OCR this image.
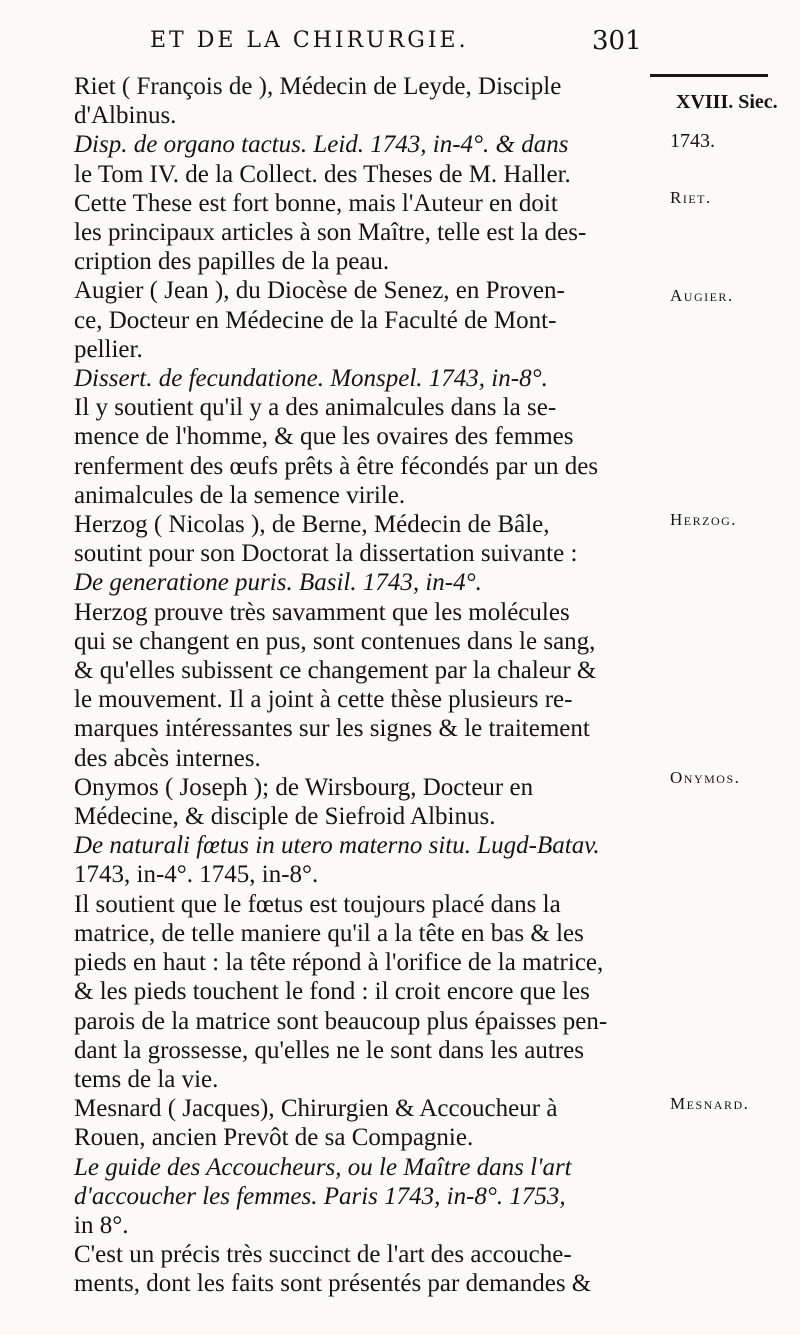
ET DE LA CHIRURGIE.	301
XVIII. Siec.
1743.
Riet.
Augier.
Herzog.
Onymos.
Mesnard.

Riet ( François de ), Médecin de Leyde, Disciple
d'Albinus.
Disp. de organo tactus. Leid. 1743, in-4°. & dans
le Tom IV. de la Collect. des Theses de M. Haller.
Cette These est fort bonne, mais l'Auteur en doit
les principaux articles à son Maître, telle est la des-
cription des papilles de la peau.

Augier ( Jean ), du Diocèse de Senez, en Proven-
ce, Docteur en Médecine de la Faculté de Mont-
pellier.
Dissert. de fecundatione. Monspel. 1743, in-8°.
Il y soutient qu'il y a des animalcules dans la se-
mence de l'homme, & que les ovaires des femmes
renferment des œufs prêts à être fécondés par un des
animalcules de la semence virile.

Herzog ( Nicolas ), de Berne, Médecin de Bâle,
soutint pour son Doctorat la dissertation suivante :
De generatione puris. Basil. 1743, in-4°.
Herzog prouve très savamment que les molécules
qui se changent en pus, sont contenues dans le sang,
& qu'elles subissent ce changement par la chaleur &
le mouvement. Il a joint à cette thèse plusieurs re-
marques intéressantes sur les signes & le traitement
des abcès internes.

Onymos ( Joseph ); de Wirsbourg, Docteur en
Médecine, & disciple de Siefroid Albinus.
De naturali fœtus in utero materno situ. Lugd-Batav.
1743, in-4°. 1745, in-8°.
Il soutient que le fœtus est toujours placé dans la
matrice, de telle maniere qu'il a la tête en bas & les
pieds en haut : la tête répond à l'orifice de la matrice,
& les pieds touchent le fond : il croit encore que les
parois de la matrice sont beaucoup plus épaisses pen-
dant la grossesse, qu'elles ne le sont dans les autres
tems de la vie.

Mesnard ( Jacques), Chirurgien & Accoucheur à
Rouen, ancien Prevôt de sa Compagnie.
Le guide des Accoucheurs, ou le Maître dans l'art
d'accoucher les femmes. Paris 1743, in-8°. 1753,
in 8°.
C'est un précis très succinct de l'art des accouche-
ments, dont les faits sont présentés par demandes &
